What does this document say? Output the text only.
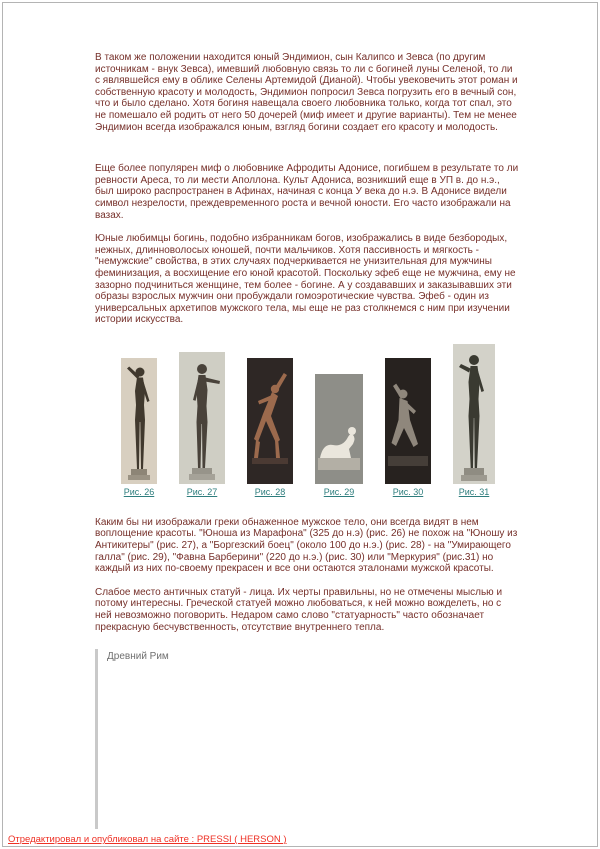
В таком же положении находится юный Эндимион, сын Калипсо и Зевса (по другим источникам - внук Зевса), имевший любовную связь то ли с богиней луны Селеной, то ли с являвшейся ему в облике Селены Артемидой (Дианой). Чтобы увековечить этот роман и собственную красоту и молодость, Эндимион попросил Зевса погрузить его в вечный сон, что и было сделано. Хотя богиня навещала своего любовника только, когда тот спал, это не помешало ей родить от него 50 дочерей (миф имеет и другие варианты). Тем не менее Эндимион всегда изображался юным, взгляд богини создает его красоту и молодость.

Еще более популярен миф о любовнике Афродиты Адонисе, погибшем в результате то ли ревности Ареса, то ли мести Аполлона. Культ Адониса, возникший еще в УП в. до н.э., был широко распространен в Афинах, начиная с конца У века до н.э. В Адонисе видели символ незрелости, преждевременного роста и вечной юности. Его часто изображали на вазах.

Юные любимцы богинь, подобно избранникам богов, изображались в виде безбородых, нежных, длинноволосых юношей, почти мальчиков. Хотя пассивность и мягкость - "немужские" свойства, в этих случаях подчеркивается не унизительная для мужчины феминизация, а восхищение его юной красотой. Поскольку эфеб еще не мужчина, ему не зазорно подчиниться женщине, тем более - богине. А у создававших и заказывавших эти образы взрослых мужчин они пробуждали гомоэротические чувства. Эфеб - один из универсальных архетипов мужского тела, мы еще не раз столкнемся с ним при изучении истории искусства.

Рис. 26	Рис. 27	Рис. 28	Рис. 29	Рис. 30	Рис. 31

Каким бы ни изображали греки обнаженное мужское тело, они всегда видят в нем воплощение красоты. "Юноша из Марафона" (325 до н.э) (рис. 26) не похож на "Юношу из Антикитеры" (рис. 27), а "Боргезский боец" (около 100 до н.э.) (рис. 28) - на "Умирающего галла" (рис. 29), "Фавна Барберини" (220 до н.э.) (рис. 30) или "Меркурия" (рис.31) но каждый из них по-своему прекрасен и все они остаются эталонами мужской красоты.

Слабое место античных статуй - лица. Их черты правильны, но не отмечены мыслью и потому интересны. Греческой статуей можно любоваться, к ней можно вожделеть, но с ней невозможно поговорить. Недаром само слово "статуарность" часто обозначает прекрасную бесчувственность, отсутствие внутреннего тепла.

Древний Рим
Отредактировал и опубликовал на сайте : PRESSI ( HERSON )
